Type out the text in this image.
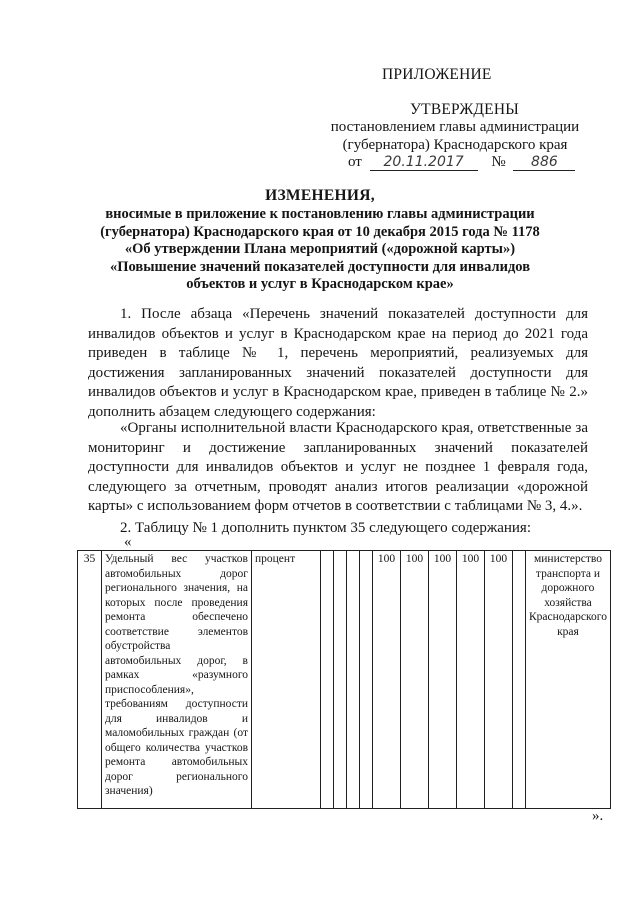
ПРИЛОЖЕНИЕ
УТВЕРЖДЕНЫ
постановлением главы администрации
(губернатора) Краснодарского края
от 20.11.2017 № 886
ИЗМЕНЕНИЯ,
вносимые в приложение к постановлению главы администрации
(губернатора) Краснодарского края от 10 декабря 2015 года № 1178
«Об утверждении Плана мероприятий («дорожной карты»)
«Повышение значений показателей доступности для инвалидов
объектов и услуг в Краснодарском крае»
1. После абзаца «Перечень значений показателей доступности для инвалидов объектов и услуг в Краснодарском крае на период до 2021 года приведен в таблице № 1, перечень мероприятий, реализуемых для достижения запланированных значений показателей доступности для инвалидов объектов и услуг в Краснодарском крае, приведен в таблице № 2.» дополнить абзацем следующего содержания:
«Органы исполнительной власти Краснодарского края, ответственные за мониторинг и достижение запланированных значений показателей доступности для инвалидов объектов и услуг не позднее 1 февраля года, следующего за отчетным, проводят анализ итогов реализации «дорожной карты» с использованием форм отчетов в соответствии с таблицами № 3, 4.».
2. Таблицу № 1 дополнить пунктом 35 следующего содержания:
«
35	Удельный вес участков автомобильных дорог регионального значения, на которых после проведения ремонта обеспечено соответствие элементов обустройства автомобильных дорог, в рамках «разумного приспособления», требованиям доступности для инвалидов и маломобильных граждан (от общего количества участков ремонта автомобильных дорог регионального значения)	процент					100	100	100	100	100		министерство транспорта и дорожного хозяйства Краснодарского края
».
